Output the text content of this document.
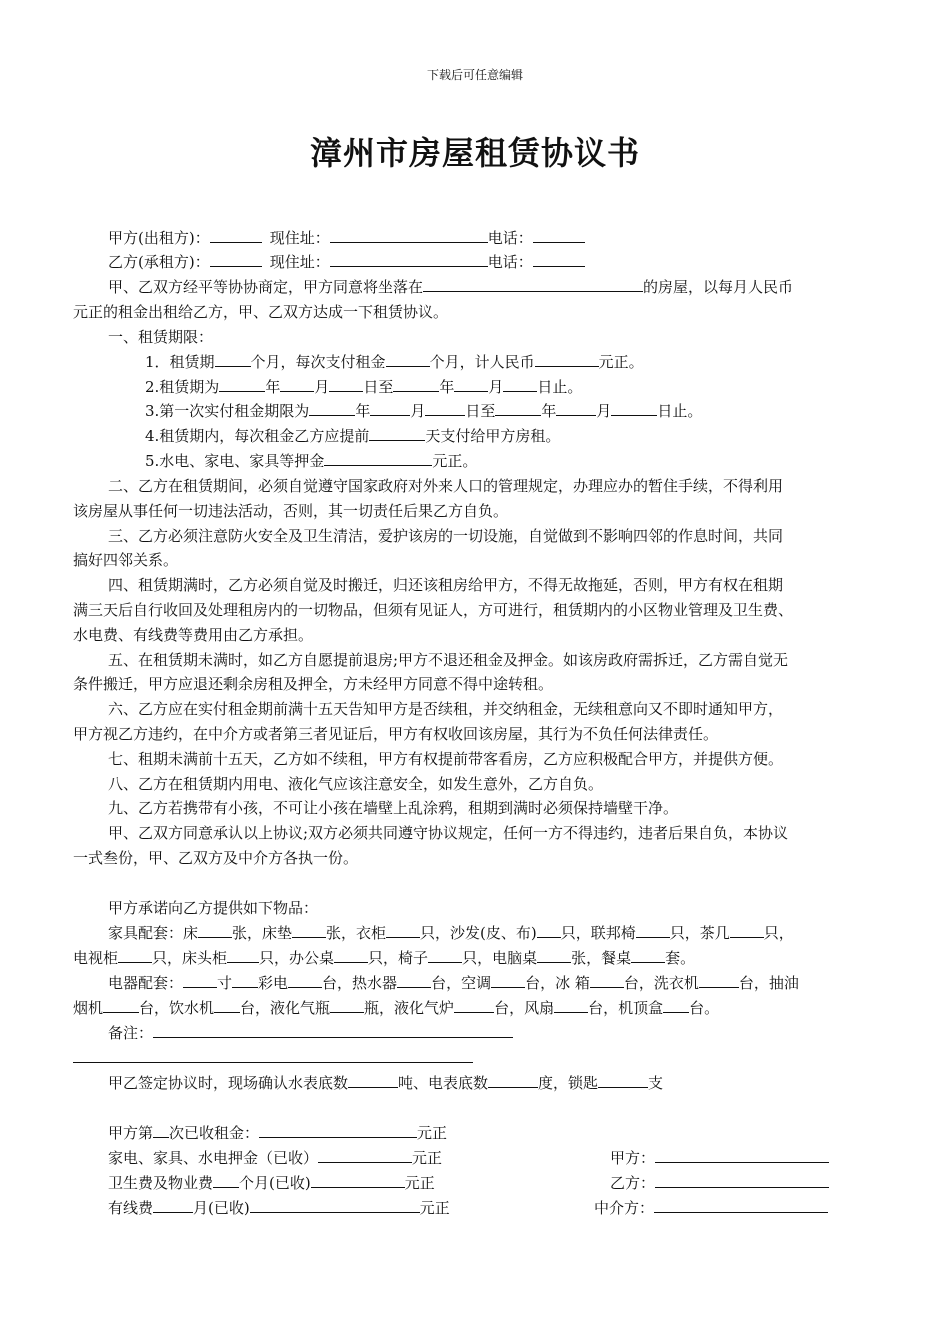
下载后可任意编辑
漳州市房屋租赁协议书
甲方(出租方)：	现住址：	电话：
乙方(承租方)：	现住址：	电话：
甲、乙双方经平等协协商定，甲方同意将坐落在	的房屋，以每月人民币
元正的租金出租给乙方，甲、乙双方达成一下租赁协议。
一、租赁期限：
1．租赁期 个月，每次支付租金	个月，计人民币	元正。
2.租赁期为	年 月 日至	年 月 日止。
3.第一次实付租金期限为	年	月	日至	年	月	日止。
4.租赁期内，每次租金乙方应提前	天支付给甲方房租。
5.水电、家电、家具等押金	元正。
二、乙方在租赁期间，必须自觉遵守国家政府对外来人口的管理规定，办理应办的暂住手续，不得利用
该房屋从事任何一切违法活动，否则，其一切责任后果乙方自负。
三、乙方必须注意防火安全及卫生清洁，爱护该房的一切设施，自觉做到不影响四邻的作息时间，共同
搞好四邻关系。
四、租赁期满时，乙方必须自觉及时搬迁，归还该租房给甲方，不得无故拖延，否则，甲方有权在租期
满三天后自行收回及处理租房内的一切物品，但须有见证人，方可进行，租赁期内的小区物业管理及卫生费、
水电费、有线费等费用由乙方承担。
五、在租赁期未满时，如乙方自愿提前退房;甲方不退还租金及押金。如该房政府需拆迁，乙方需自觉无
条件搬迁，甲方应退还剩余房租及押全，方未经甲方同意不得中途转租。
六、乙方应在实付租金期前满十五天告知甲方是否续租，并交纳租金，无续租意向又不即时通知甲方，
甲方视乙方违约，在中介方或者第三者见证后，甲方有权收回该房屋，其行为不负任何法律责任。
七、租期未满前十五天，乙方如不续租，甲方有权提前带客看房，乙方应积极配合甲方，并提供方便。
八、乙方在租赁期内用电、液化气应该注意安全，如发生意外，乙方自负。
九、乙方若携带有小孩，不可让小孩在墙壁上乱涂鸦，租期到满时必须保持墙壁干净。
甲、乙双方同意承认以上协议;双方必须共同遵守协议规定，任何一方不得违约，违者后果自负，本协议
一式叁份，甲、乙双方及中介方各执一份。
甲方承诺向乙方提供如下物品：
家具配套：床 张，床垫 张，衣柜 只，沙发(皮、布) 只，联邦椅 只，茶几 只，
电视柜 只，床头柜 只，办公桌 只，椅子 只，电脑桌 张，餐桌 套。
电器配套： 寸 彩电 台，热水器 台，空调 台，冰 箱 台，洗衣机	台，抽油
烟机 台，饮水机 台，液化气瓶 瓶，液化气炉	台，风扇 台，机顶盒 台。
备注：
甲乙签定协议时，现场确认水表底数	吨、电表底数	度，锁匙	支
甲方第 次已收租金：	元正
家电、家具、水电押金（已收）	元正
卫生费及物业费 个月(已收)	元正
有线费	月(已收)	元正
甲方：
乙方：
中介方：
